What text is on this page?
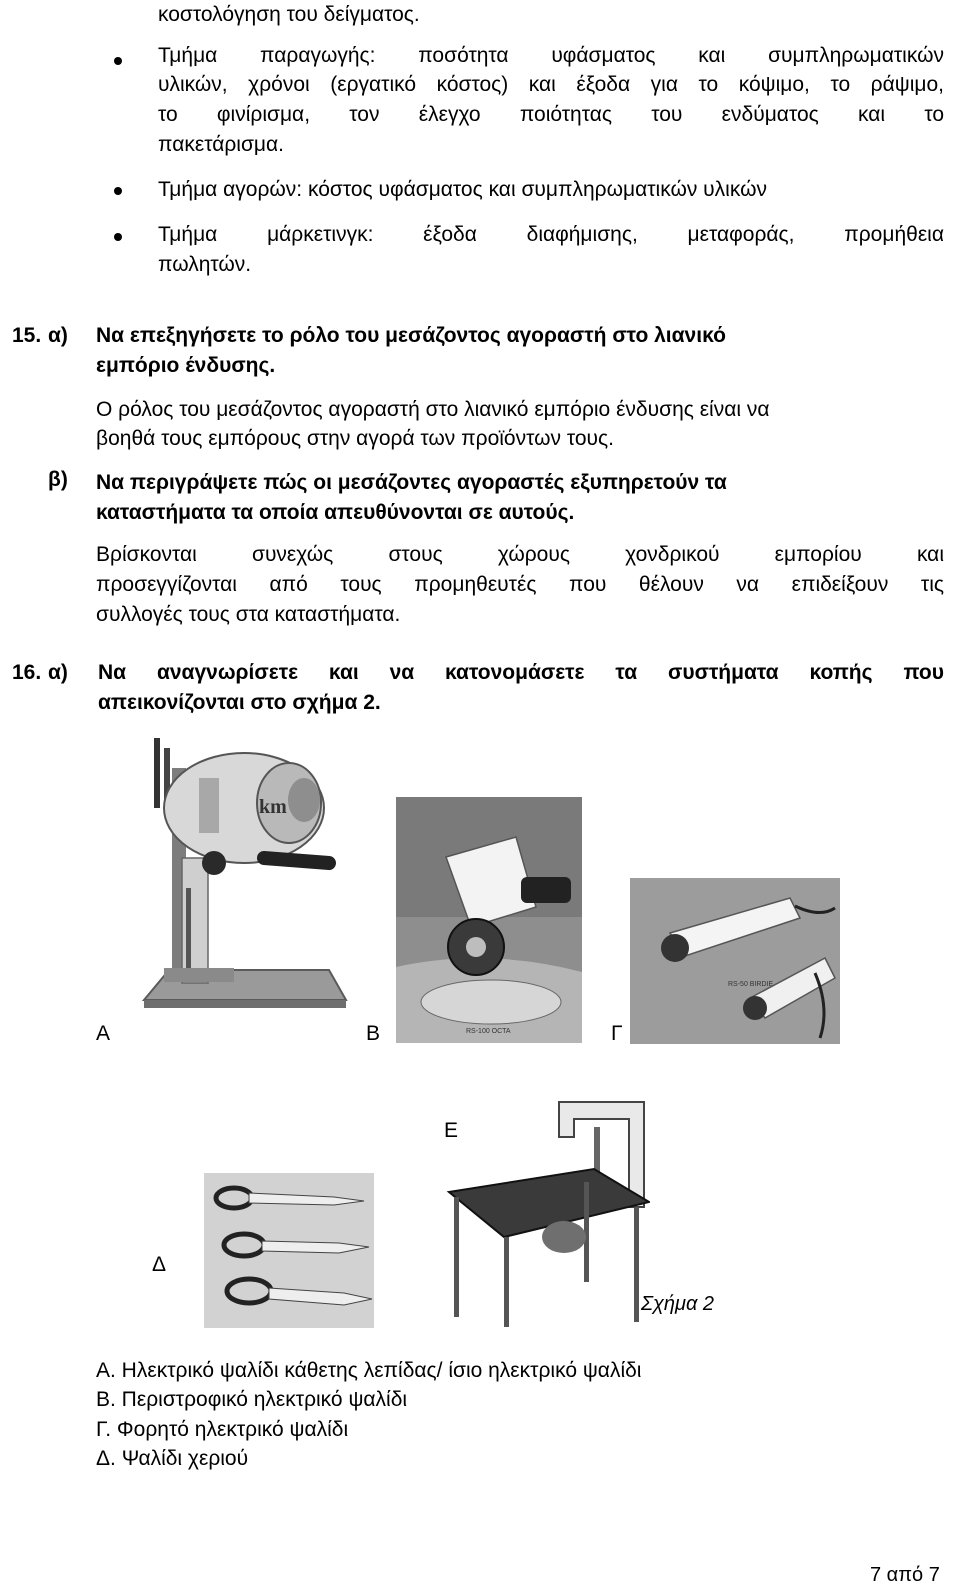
κοστολόγηση του δείγματος.
Τμήμα παραγωγής: ποσότητα υφάσματος και συμπληρωματικών
υλικών, χρόνοι (εργατικό κόστος) και έξοδα για το κόψιμο, το ράψιμο,
το φινίρισμα, τον έλεγχο ποιότητας του ενδύματος και το
πακετάρισμα.
Τμήμα αγορών: κόστος υφάσματος και συμπληρωματικών υλικών
Τμήμα μάρκετινγκ: έξοδα διαφήμισης, μεταφοράς, προμήθεια
πωλητών.
15. α) Να επεξηγήσετε το ρόλο του μεσάζοντος αγοραστή στο λιανικό
εμπόριο ένδυσης.
Ο ρόλος του μεσάζοντος αγοραστή στο λιανικό εμπόριο ένδυσης είναι να
βοηθά τους εμπόρους στην αγορά των προϊόντων τους.
β) Να περιγράψετε πώς οι μεσάζοντες αγοραστές εξυπηρετούν τα
καταστήματα τα οποία απευθύνονται σε αυτούς.
Βρίσκονται συνεχώς στους χώρους χονδρικού εμπορίου και
προσεγγίζονται από τους προμηθευτές που θέλουν να επιδείξουν τις
συλλογές τους στα καταστήματα.
16. α) Να αναγνωρίσετε και να κατονομάσετε τα συστήματα κοπής που
απεικονίζονται στο σχήμα 2.
km
RS-100 OCTA
RS-50 BIRDIE
Α	Β	Γ
Ε
Δ
Σχήμα 2
Α. Ηλεκτρικό ψαλίδι κάθετης λεπίδας/ ίσιο ηλεκτρικό ψαλίδι
Β. Περιστροφικό ηλεκτρικό ψαλίδι
Γ. Φορητό ηλεκτρικό ψαλίδι
Δ. Ψαλίδι χεριού
7 από 7
